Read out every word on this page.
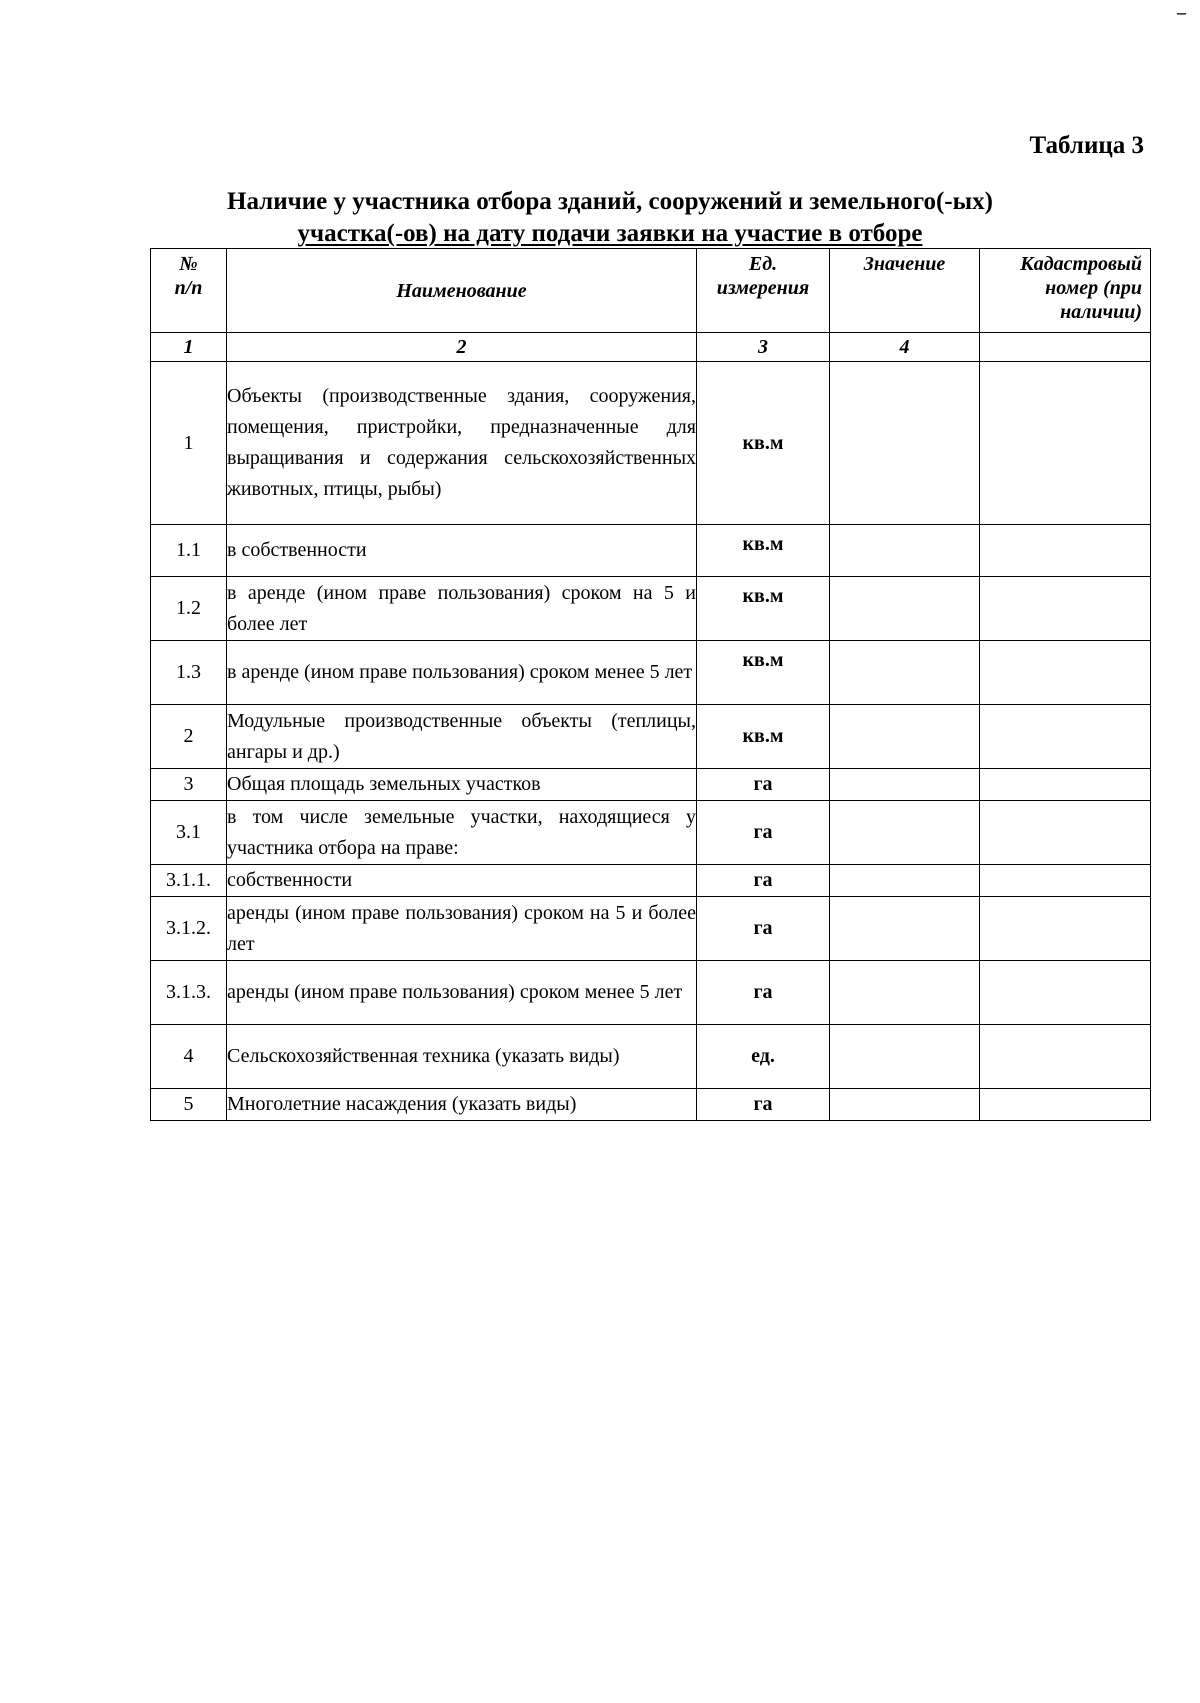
–
Таблица 3
Наличие у участника отбора зданий, сооружений и земельного(-ых)
участка(-ов) на дату подачи заявки на участие в отборе
№ п/п	Наименование	Ед. измерения	Значение	Кадастровый номер (при наличии)
1	2	3	4	
1	Объекты (производственные здания, сооружения, помещения, пристройки, предназначенные для выращивания и содержания сельскохозяйственных животных, птицы, рыбы)	кв.м		
1.1	в собственности	кв.м		
1.2	в аренде (ином праве пользования) сроком на 5 и более лет	кв.м		
1.3	в аренде (ином праве пользования) сроком менее 5 лет	кв.м		
2	Модульные производственные объекты (теплицы, ангары и др.)	кв.м		
3	Общая площадь земельных участков	га		
3.1	в том числе земельные участки, находящиеся у участника отбора на праве:	га		
3.1.1.	собственности	га		
3.1.2.	аренды (ином праве пользования) сроком на 5 и более лет	га		
3.1.3.	аренды (ином праве пользования) сроком менее 5 лет	га		
4	Сельскохозяйственная техника (указать виды)	ед.		
5	Многолетние насаждения (указать виды)	га		
